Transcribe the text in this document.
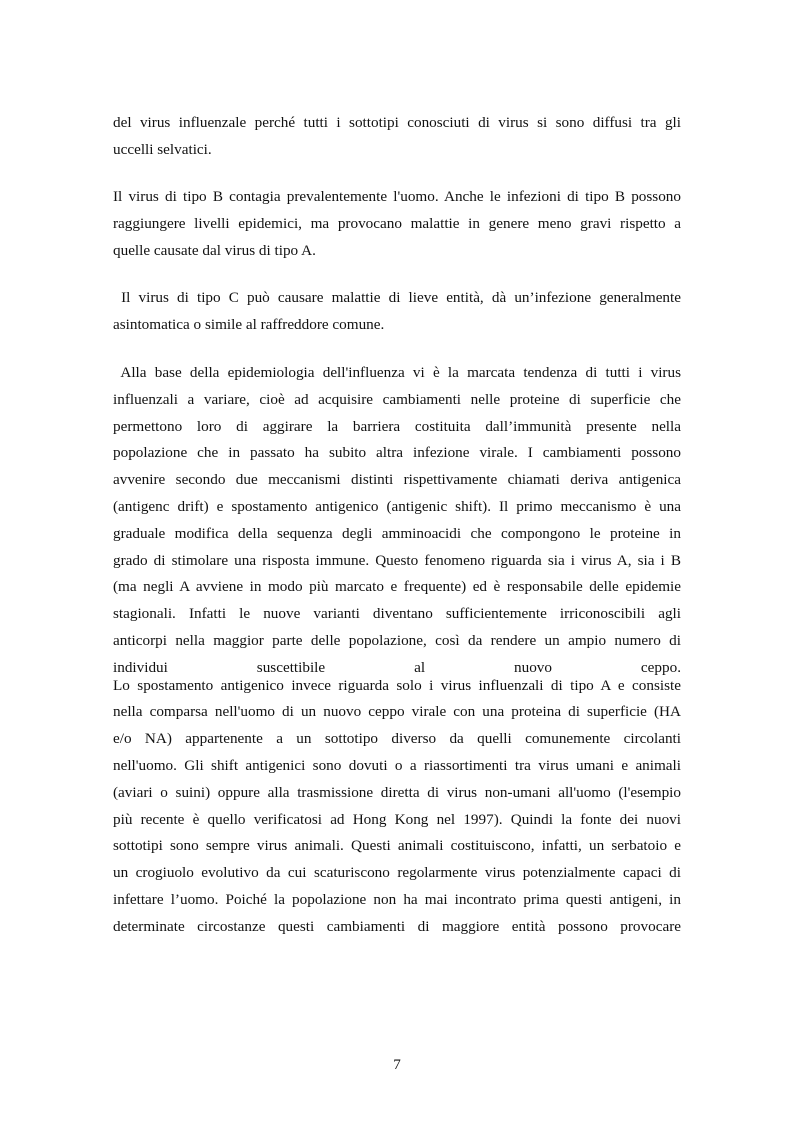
del virus influenzale perché tutti i sottotipi conosciuti di virus si sono diffusi tra gli
uccelli selvatici.
Il virus di tipo B contagia prevalentemente l'uomo. Anche le infezioni di tipo B possono
raggiungere livelli epidemici, ma provocano malattie in genere meno gravi rispetto a
quelle causate dal virus di tipo A.
Il virus di tipo C può causare malattie di lieve entità, dà un’infezione generalmente
asintomatica o simile al raffreddore comune.
Alla base della epidemiologia dell'influenza vi è la marcata tendenza di tutti i virus
influenzali a variare, cioè ad acquisire cambiamenti nelle proteine di superficie che
permettono loro di aggirare la barriera costituita dall’immunità presente nella
popolazione che in passato ha subito altra infezione virale. I cambiamenti possono
avvenire secondo due meccanismi distinti rispettivamente chiamati deriva antigenica
(antigenc drift) e spostamento antigenico (antigenic shift). Il primo meccanismo è una
graduale modifica della sequenza degli amminoacidi che compongono le proteine in
grado di stimolare una risposta immune. Questo fenomeno riguarda sia i virus A, sia i B
(ma negli A avviene in modo più marcato e frequente) ed è responsabile delle epidemie
stagionali. Infatti le nuove varianti diventano sufficientemente irriconoscibili agli
anticorpi nella maggior parte delle popolazione, così da rendere un ampio numero di
individui suscettibile al nuovo ceppo.
Lo spostamento antigenico invece riguarda solo i virus influenzali di tipo A e consiste
nella comparsa nell'uomo di un nuovo ceppo virale con una proteina di superficie (HA
e/o NA) appartenente a un sottotipo diverso da quelli comunemente circolanti
nell'uomo. Gli shift antigenici sono dovuti o a riassortimenti tra virus umani e animali
(aviari o suini) oppure alla trasmissione diretta di virus non-umani all'uomo (l'esempio
più recente è quello verificatosi ad Hong Kong nel 1997). Quindi la fonte dei nuovi
sottotipi sono sempre virus animali. Questi animali costituiscono, infatti, un serbatoio e
un crogiuolo evolutivo da cui scaturiscono regolarmente virus potenzialmente capaci di
infettare l’uomo. Poiché la popolazione non ha mai incontrato prima questi antigeni, in
determinate circostanze questi cambiamenti di maggiore entità possono provocare
7
